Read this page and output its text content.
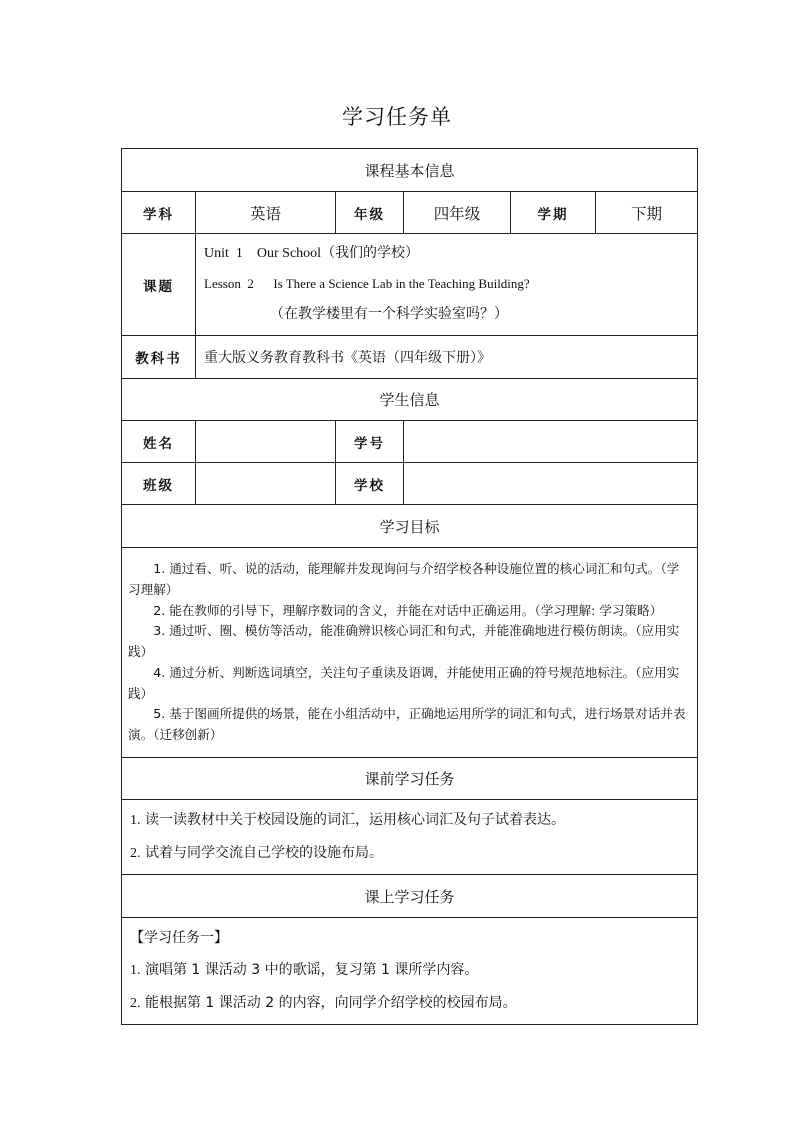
学习任务单
课程基本信息					
学科	英语	年级	四年级	学期	下期
课题	Unit  1    Our School（我们的学校）
Lesson  2      Is There a Science Lab in the Teaching Building?
（在教学楼里有一个科学实验室吗？）				

教科书	重大版义务教育教科书《英语（四年级下册）》				
学生信息					
姓名		学号			
班级		学校			
学习目标					

1. 通过看、听、说的活动，能理解并发现询问与介绍学校各种设施位置的核心词汇和句式。（学习理解）

2. 能在教师的引导下，理解序数词的含义，并能在对话中正确运用。（学习理解: 学习策略）

3. 通过听、圈、模仿等活动，能准确辨识核心词汇和句式，并能准确地进行模仿朗读。（应用实践）

4. 通过分析、判断选词填空，关注句子重读及语调，并能使用正确的符号规范地标注。（应用实践）

5. 基于图画所提供的场景，能在小组活动中，正确地运用所学的词汇和句式，进行场景对话并表演。（迁移创新）					

课前学习任务					

1. 读一读教材中关于校园设施的词汇，运用核心词汇及句子试着表达。

2. 试着与同学交流自己学校的设施布局。					

课上学习任务					

【学习任务一】

1. 演唱第 1 课活动 3 中的歌谣，复习第 1 课所学内容。

2. 能根据第 1 课活动 2 的内容，向同学介绍学校的校园布局。					
